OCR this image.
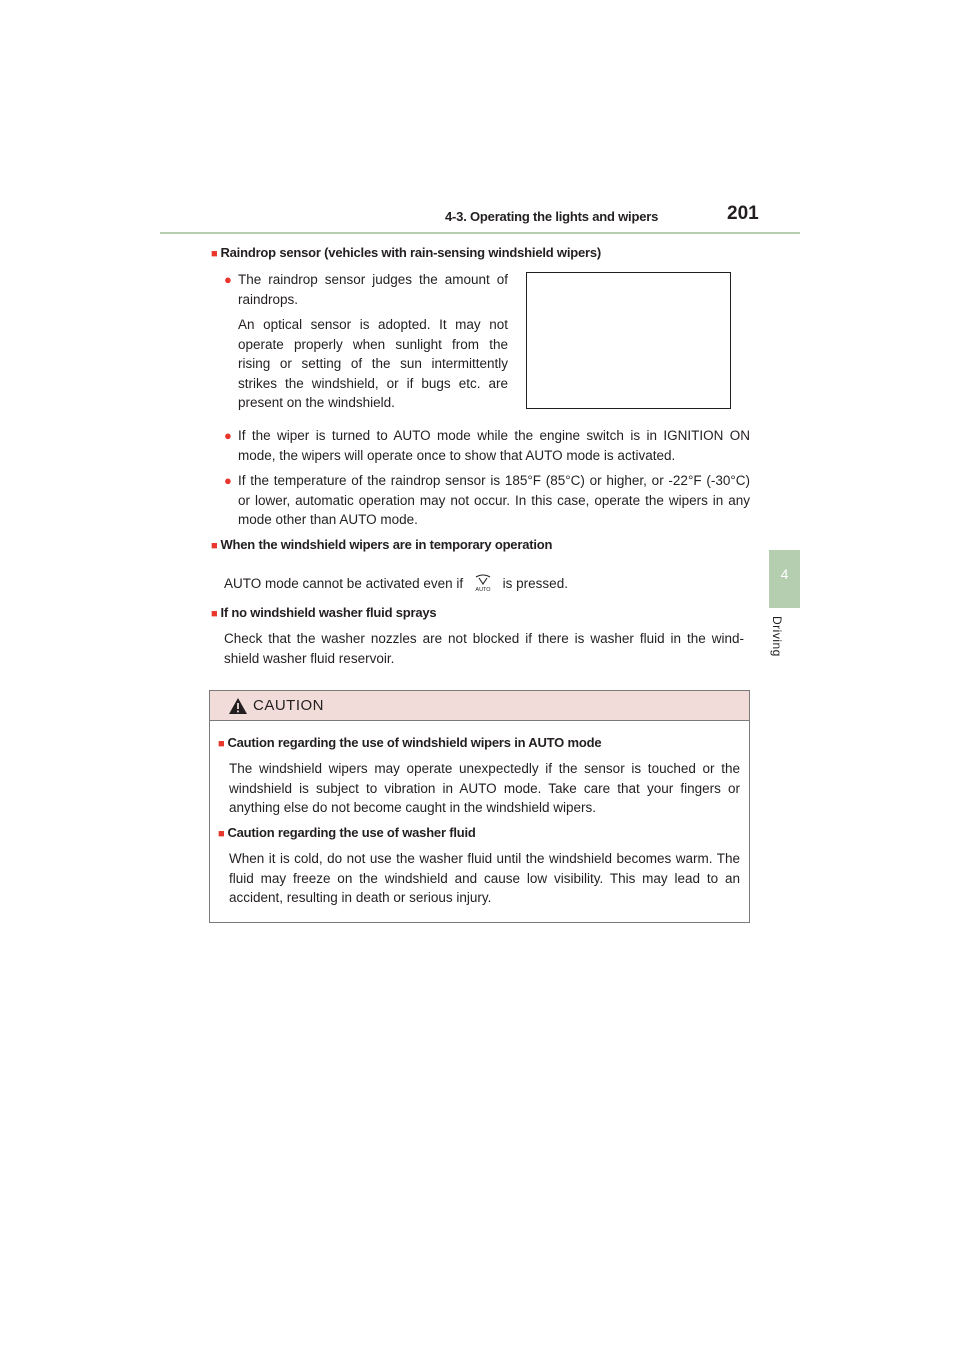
4-3. Operating the lights and wipers	201
4
Driving
■ Raindrop sensor (vehicles with rain-sensing windshield wipers)
● The raindrop sensor judges the amount of raindrops.
An optical sensor is adopted. It may not operate properly when sunlight from the rising or setting of the sun intermittently strikes the windshield, or if bugs etc. are present on the windshield.
● If the wiper is turned to AUTO mode while the engine switch is in IGNITION ON mode, the wipers will operate once to show that AUTO mode is activated.
● If the temperature of the raindrop sensor is 185°F (85°C) or higher, or -22°F (-30°C) or lower, automatic operation may not occur. In this case, operate the wipers in any mode other than AUTO mode.
■ When the windshield wipers are in temporary operation
AUTO mode cannot be activated even if AUTO is pressed.
■ If no windshield washer fluid sprays
Check that the washer nozzles are not blocked if there is washer fluid in the wind-shield washer fluid reservoir.
CAUTION
■ Caution regarding the use of windshield wipers in AUTO mode
The windshield wipers may operate unexpectedly if the sensor is touched or the windshield is subject to vibration in AUTO mode. Take care that your fingers or anything else do not become caught in the windshield wipers.
■ Caution regarding the use of washer fluid
When it is cold, do not use the washer fluid until the windshield becomes warm. The fluid may freeze on the windshield and cause low visibility. This may lead to an accident, resulting in death or serious injury.
